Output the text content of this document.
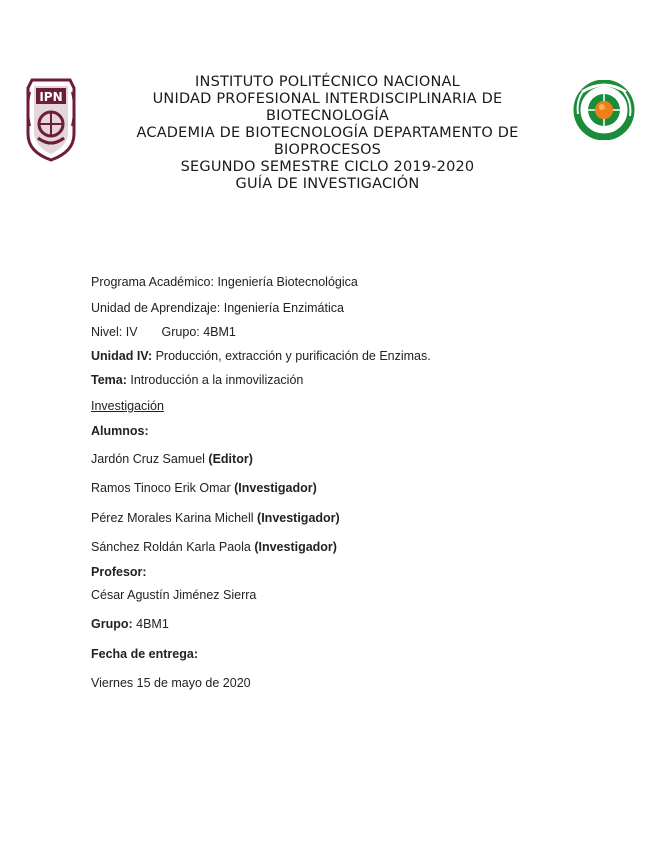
IPN

INSTITUTO POLITÉCNICO NACIONAL

UNIDAD PROFESIONAL INTERDISCIPLINARIA DE BIOTECNOLOGÍA

ACADEMIA DE BIOTECNOLOGÍA DEPARTAMENTO DE BIOPROCESOS

SEGUNDO SEMESTRE CICLO 2019-2020

GUÍA DE INVESTIGACIÓN

Programa Académico: Ingeniería Biotecnológica
Unidad de Aprendizaje: Ingeniería Enzimática
Nivel: IV Grupo: 4BM1
Unidad IV: Producción, extracción y purificación de Enzimas.
Tema: Introducción a la inmovilización
Investigación
Alumnos:
Jardón Cruz Samuel (Editor)
Ramos Tinoco Erik Omar (Investigador)
Pérez Morales Karina Michell (Investigador)
Sánchez Roldán Karla Paola (Investigador)
Profesor:
César Agustín Jiménez Sierra
Grupo: 4BM1
Fecha de entrega:
Viernes 15 de mayo de 2020
